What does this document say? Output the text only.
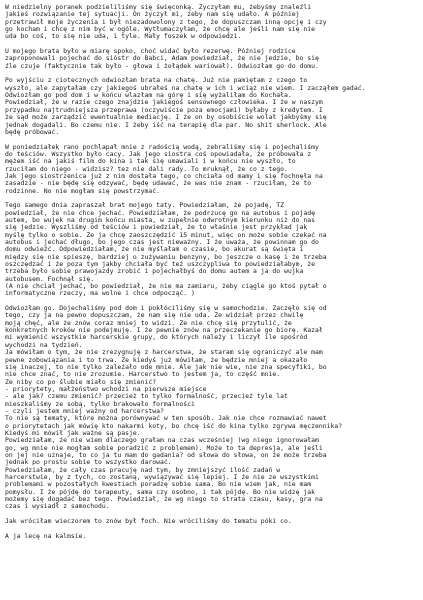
W niedzielny poranek podzieliliśmy się święconką. Życzyłam mu, żebyśmy znaleźli
jakieś rozwiązanie tej sytuacji. On życzył mi, żeby nam się udało. A później
przetrawił moje życzenia i był niezadowolony z tego, że dopuszczam inną opcję i czy
go kocham i chcę z nim być w ogóle. Wytłumaczyłam, że chcę ale jeśli nam się nie
uda bo coś, to się nie uda, i tyle. Mały foszek w odpowiedzi.
U mojego brata było w miarę spoko, choć widać było rezerwę. Później rodzice
zaproponowali pojechać do sióstr do Babci, Adam powiedział, że nie jedzie, bo się
źle czuje (faktycznie tak było - głowa i żołądek wariował). Odwiozłam go do domu.
Po wyjściu z ciotecznych odwiozłam brata na chatę. Już nie pamiętam z czego to
wyszło, ale zapytałam czy jakiegoś ubrałeś na chatę w ich i wciąż nie wiem. I zacząłem gadać.
Odwiozłam go pod dom i w końcu wlazłam na górę i się wyżaliłam do Kochała.
Powiedział, że w razie czego znajdzie jakiegoś sensownego człowieka. I że w naszym
przypadku najtrudniejsza przeprawa (oczywiście poza emocjami) byłaby z kredytem. I
że sąd może zarządzić ewentualnie mediację. I że on by osobiście wolał jakbyśmy się
jednak dogadali. Bo czemu nie. I żeby iść na terapię dla par. No shit sherlock. Ale
będę próbować.
W poniedziałek rano pochlapał mnie z radością wodą, zebraliśmy się i pojechaliśmy
do teściów. Wszystko było cacy. Jak jego siostra coś opowiadała, że próbowała z
mężem iść na jakiś film do kina i tak się umawiali i w końcu nie wyszło, to
rzuciłam do niego - widzisz? tez nie dali rady. To mruknął, że co z tego.
Jak jego siostrzenica już z nim dostała tego, co chciała od mamy i się fochnęła na
zasadzie - nie będę się odzywać, będę udawać, że was nie znam - rzuciłam, że to
rodzinne. No nie mogłam się powstrzymać.
Tego samego dnia zapraszał brat mojego taty. Powiedziałam, że pojadę, TŻ
powiedział, że nie chce jechać. Powiedziałam, że podrzucę go na autobus i pojadę
autem, bo wujek na drugim końcu miasta, w zupełnie odwrotnym kierunku niż do nas
się jedzie. Wyszliśmy od teściów i powiedział, że to właśnie jest przykład jak
myślę tylko o sobie. Że ja chcę zaoszczędzić 15 minut, więc on może sobie czekać na
autobus i jechać długo, bo jego czas jest nieważny. I że uważa, że powinnam go do
domu odwieźć. Odpowiedziałam, że nie myślałam o czasie, bo akurat są święta i
między się nie spieszę, bardziej o zużywaniu benzyny, bo jeszcze o kasę i że trzeba
oszczędzać i że poza tym jakby chciała być też uszczypliwa to powiedziałabym, że
trzeba było sobie prawojazdy zrobić i pojechałbyś do domu autem a ja do wujka
autobusem. Fochnął się.
(A nie chciał jechać, bo powiedział, że nie ma zamiaru, żeby ciągle go ktoś pytał o
informatyczne rzeczy, ma wolne i chce odpocząć. )
Odwiozłam go. Dojechaliśmy pod dom i pokłóciliśmy się w samochodzie. Zaczęło się od
tego, czy ja na pewno dopuszczam, że nam się nie uda. Że widział przez chwilę
moją chęć, ale że znów coraz mniej to widzi. Że nie chcę się przytulić, że
konkretnych kroków nie podejmuję. I że pewnie znów na przeczekanie go biorę. Kazał
mi wymienić wszystkie harcerskie grupy, do których należy i liczył ile spośród
wychodzi na tydzień.
Ja mówiłam o tym, że nie zrezygnuję z harcerstwa, że staram się ograniczyć ale mam
pewne zobowiązania i to trwa. Że kiedyś już mówiłam, że będzie mniej a okazało
się inaczej, to nie tylko zależało ode mnie. Ale jak nie wie, nie zna specyfiki, bo
nie chce znać, to nie zrozumie. Harcerstwo to jestem ja, to część mnie.
Że niby co po ślubie miało się zmienić?
- priorytety, małżeństwo wchodzi na pierwsze miejsce
- ale jak? czemu zmienić? przecież to tylko formalność, przecież tyle lat
mieszkaliśmy ze sobą, tylko brakowało formalności
- czyli jestem mniej ważny od harcerstwa?
To nie są tematy, które można porównywać w ten sposób. Jak nie chce rozmawiać nawet
o priorytetach jak mówię kto nakarmi koty, bo chcę iść do kina tylko zgrywa męczennika?
Kiedyś mi mówił jak ważne są pasje.
Powiedziałam, że nie wiem dlaczego grałam na czas wcześniej (wg niego ignorowałam
go, wg mnie nie mogłam sobie poradzić z problemem). Może to ta depresja, ale jeśli
on jej nie uznaje, to co ja tu mam do gadania? od słowa do słowa, on że może trzeba
jednak po prostu sobie to wszystko darować.
Powiedziałam, że cały czas pracuję nad tym, by zmniejszyć ilość zadań w
harcerstwie, by z tych, co zostaną, wywiązywać się lepiej. I że nie ze wszystkimi
problemami w pozostałych kwestiach poradzę sobie sama. Bo nie wiem jak, nie mam
pomysłu. I że pójdę do terapeuty, sama czy osobno, i tak pójdę. Bo nie widzę jak
możemy się dogadać bez tego. Powiedział, że wg niego to strata czasu, kasy, gra na
czas i wysiadł z samochodu.
Jak wróciłam wieczorem to znów był foch. Nie wróciliśmy do tematu póki co.
A ja lecę na kalmsie.
